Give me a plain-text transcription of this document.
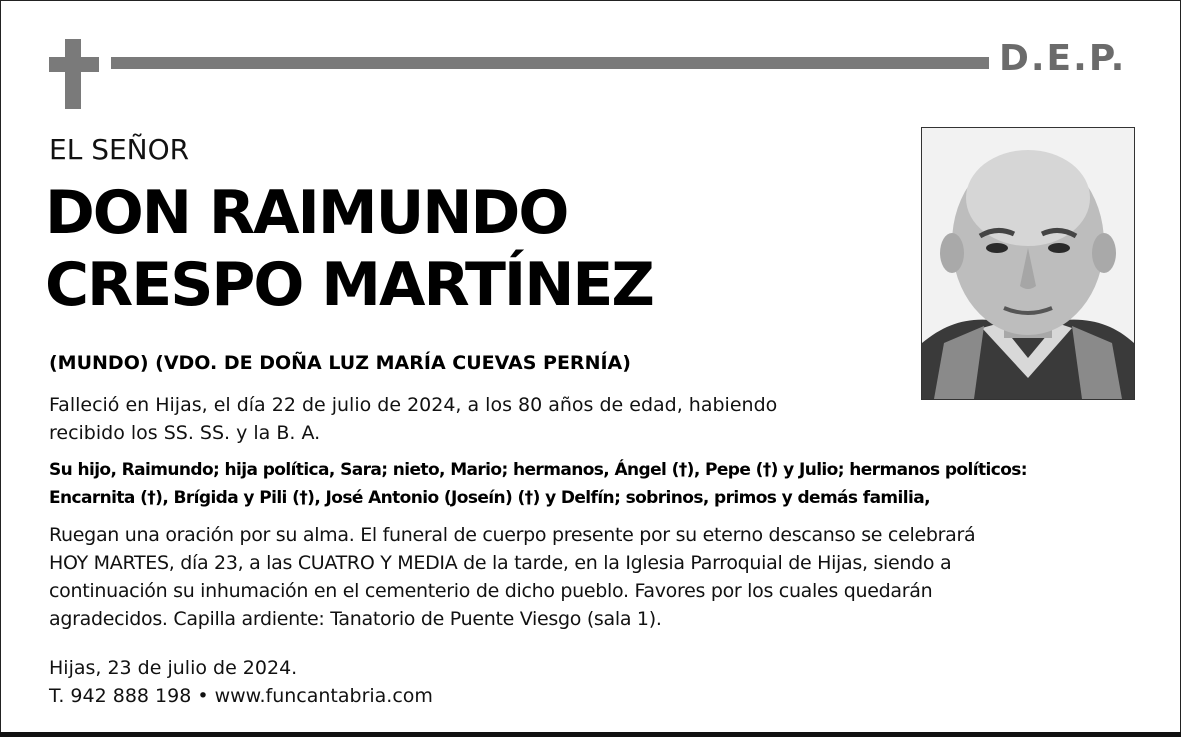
D.E.P.
EL SEÑOR
DON RAIMUNDO
CRESPO MARTÍNEZ
(MUNDO) (VDO. DE DOÑA LUZ MARÍA CUEVAS PERNÍA)
Falleció en Hijas, el día 22 de julio de 2024, a los 80 años de edad, habiendo
recibido los SS. SS. y la B. A.
Su hijo, Raimundo; hija política, Sara; nieto, Mario; hermanos, Ángel (†), Pepe (†) y Julio; hermanos políticos:
Encarnita (†), Brígida y Pili (†), José Antonio (Joseín) (†) y Delfín; sobrinos, primos y demás familia,
Ruegan una oración por su alma. El funeral de cuerpo presente por su eterno descanso se celebrará
HOY MARTES, día 23, a las CUATRO Y MEDIA de la tarde, en la Iglesia Parroquial de Hijas, siendo a
continuación su inhumación en el cementerio de dicho pueblo. Favores por los cuales quedarán
agradecidos. Capilla ardiente: Tanatorio de Puente Viesgo (sala 1).
Hijas, 23 de julio de 2024.
T. 942 888 198 • www.funcantabria.com
